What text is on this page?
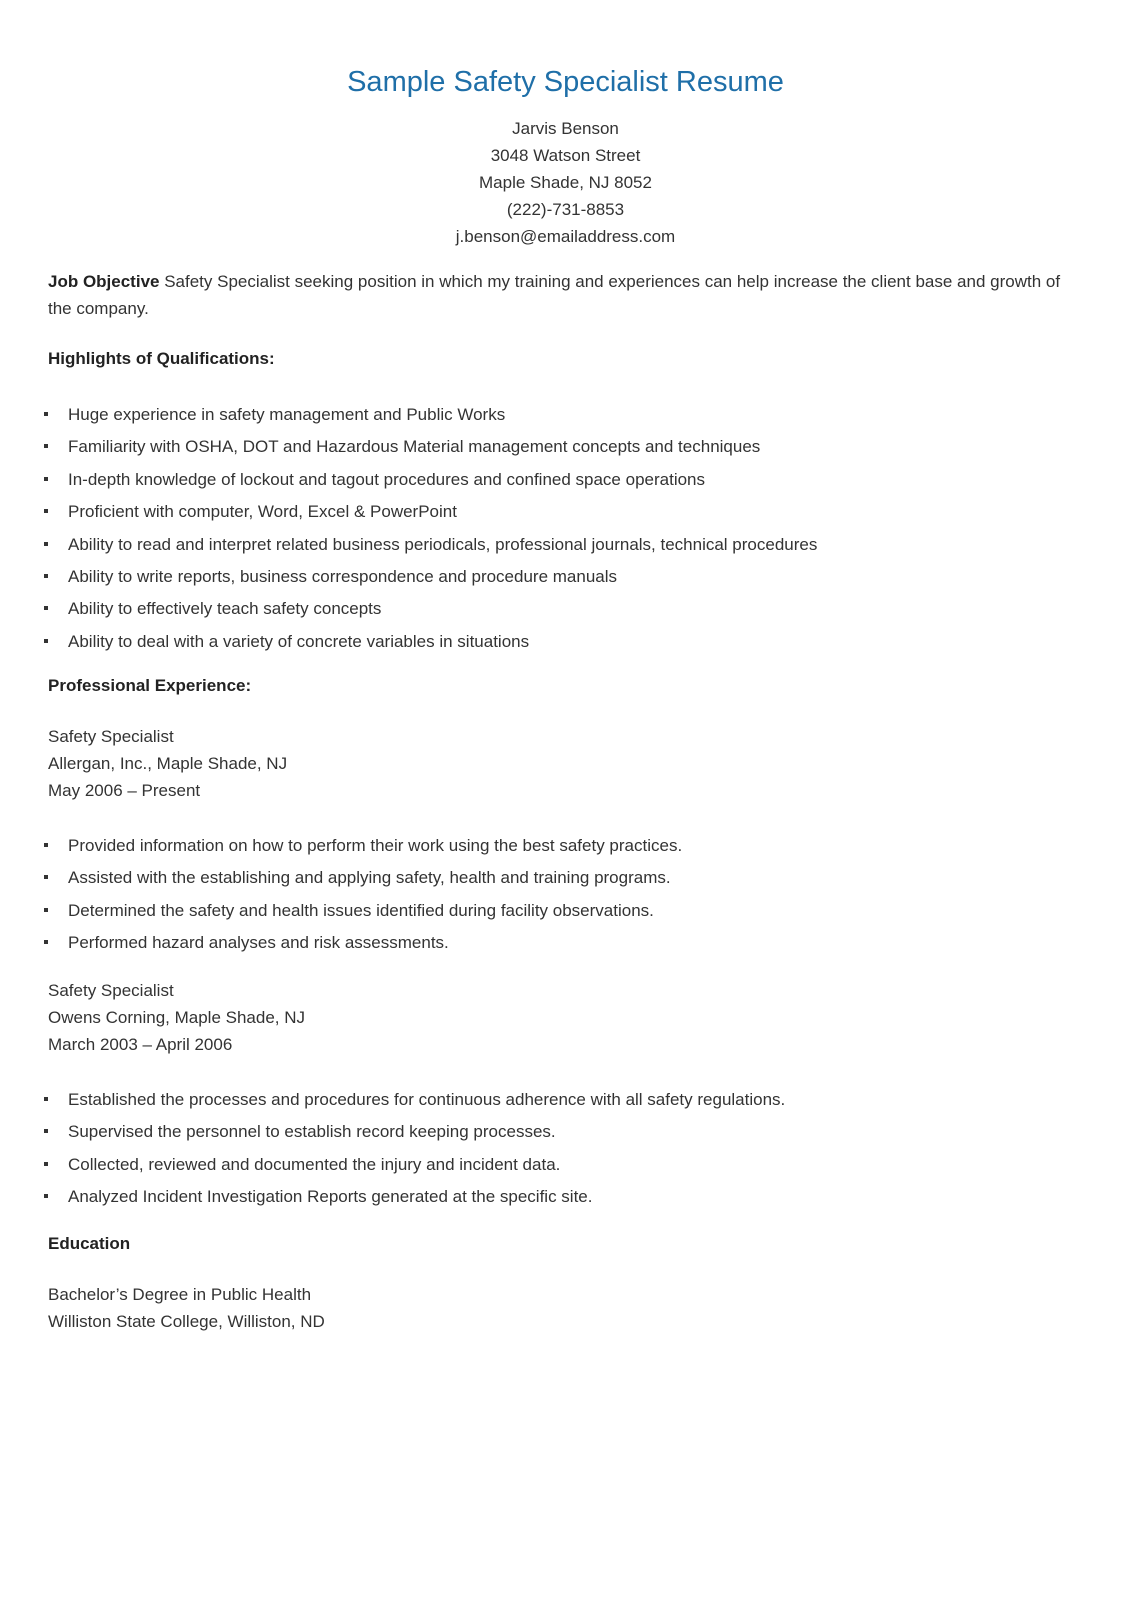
Sample Safety Specialist Resume
Jarvis Benson
3048 Watson Street
Maple Shade, NJ 8052
(222)-731-8853
j.benson@emailaddress.com
Job Objective Safety Specialist seeking position in which my training and experiences can help increase the client base and growth of the company.
Highlights of Qualifications:
Huge experience in safety management and Public Works
Familiarity with OSHA, DOT and Hazardous Material management concepts and techniques
In-depth knowledge of lockout and tagout procedures and confined space operations
Proficient with computer, Word, Excel & PowerPoint
Ability to read and interpret related business periodicals, professional journals, technical procedures
Ability to write reports, business correspondence and procedure manuals
Ability to effectively teach safety concepts
Ability to deal with a variety of concrete variables in situations
Professional Experience:
Safety Specialist
Allergan, Inc., Maple Shade, NJ
May 2006 – Present
Provided information on how to perform their work using the best safety practices.
Assisted with the establishing and applying safety, health and training programs.
Determined the safety and health issues identified during facility observations.
Performed hazard analyses and risk assessments.
Safety Specialist
Owens Corning, Maple Shade, NJ
March 2003 – April 2006
Established the processes and procedures for continuous adherence with all safety regulations.
Supervised the personnel to establish record keeping processes.
Collected, reviewed and documented the injury and incident data.
Analyzed Incident Investigation Reports generated at the specific site.
Education
Bachelor’s Degree in Public Health
Williston State College, Williston, ND
